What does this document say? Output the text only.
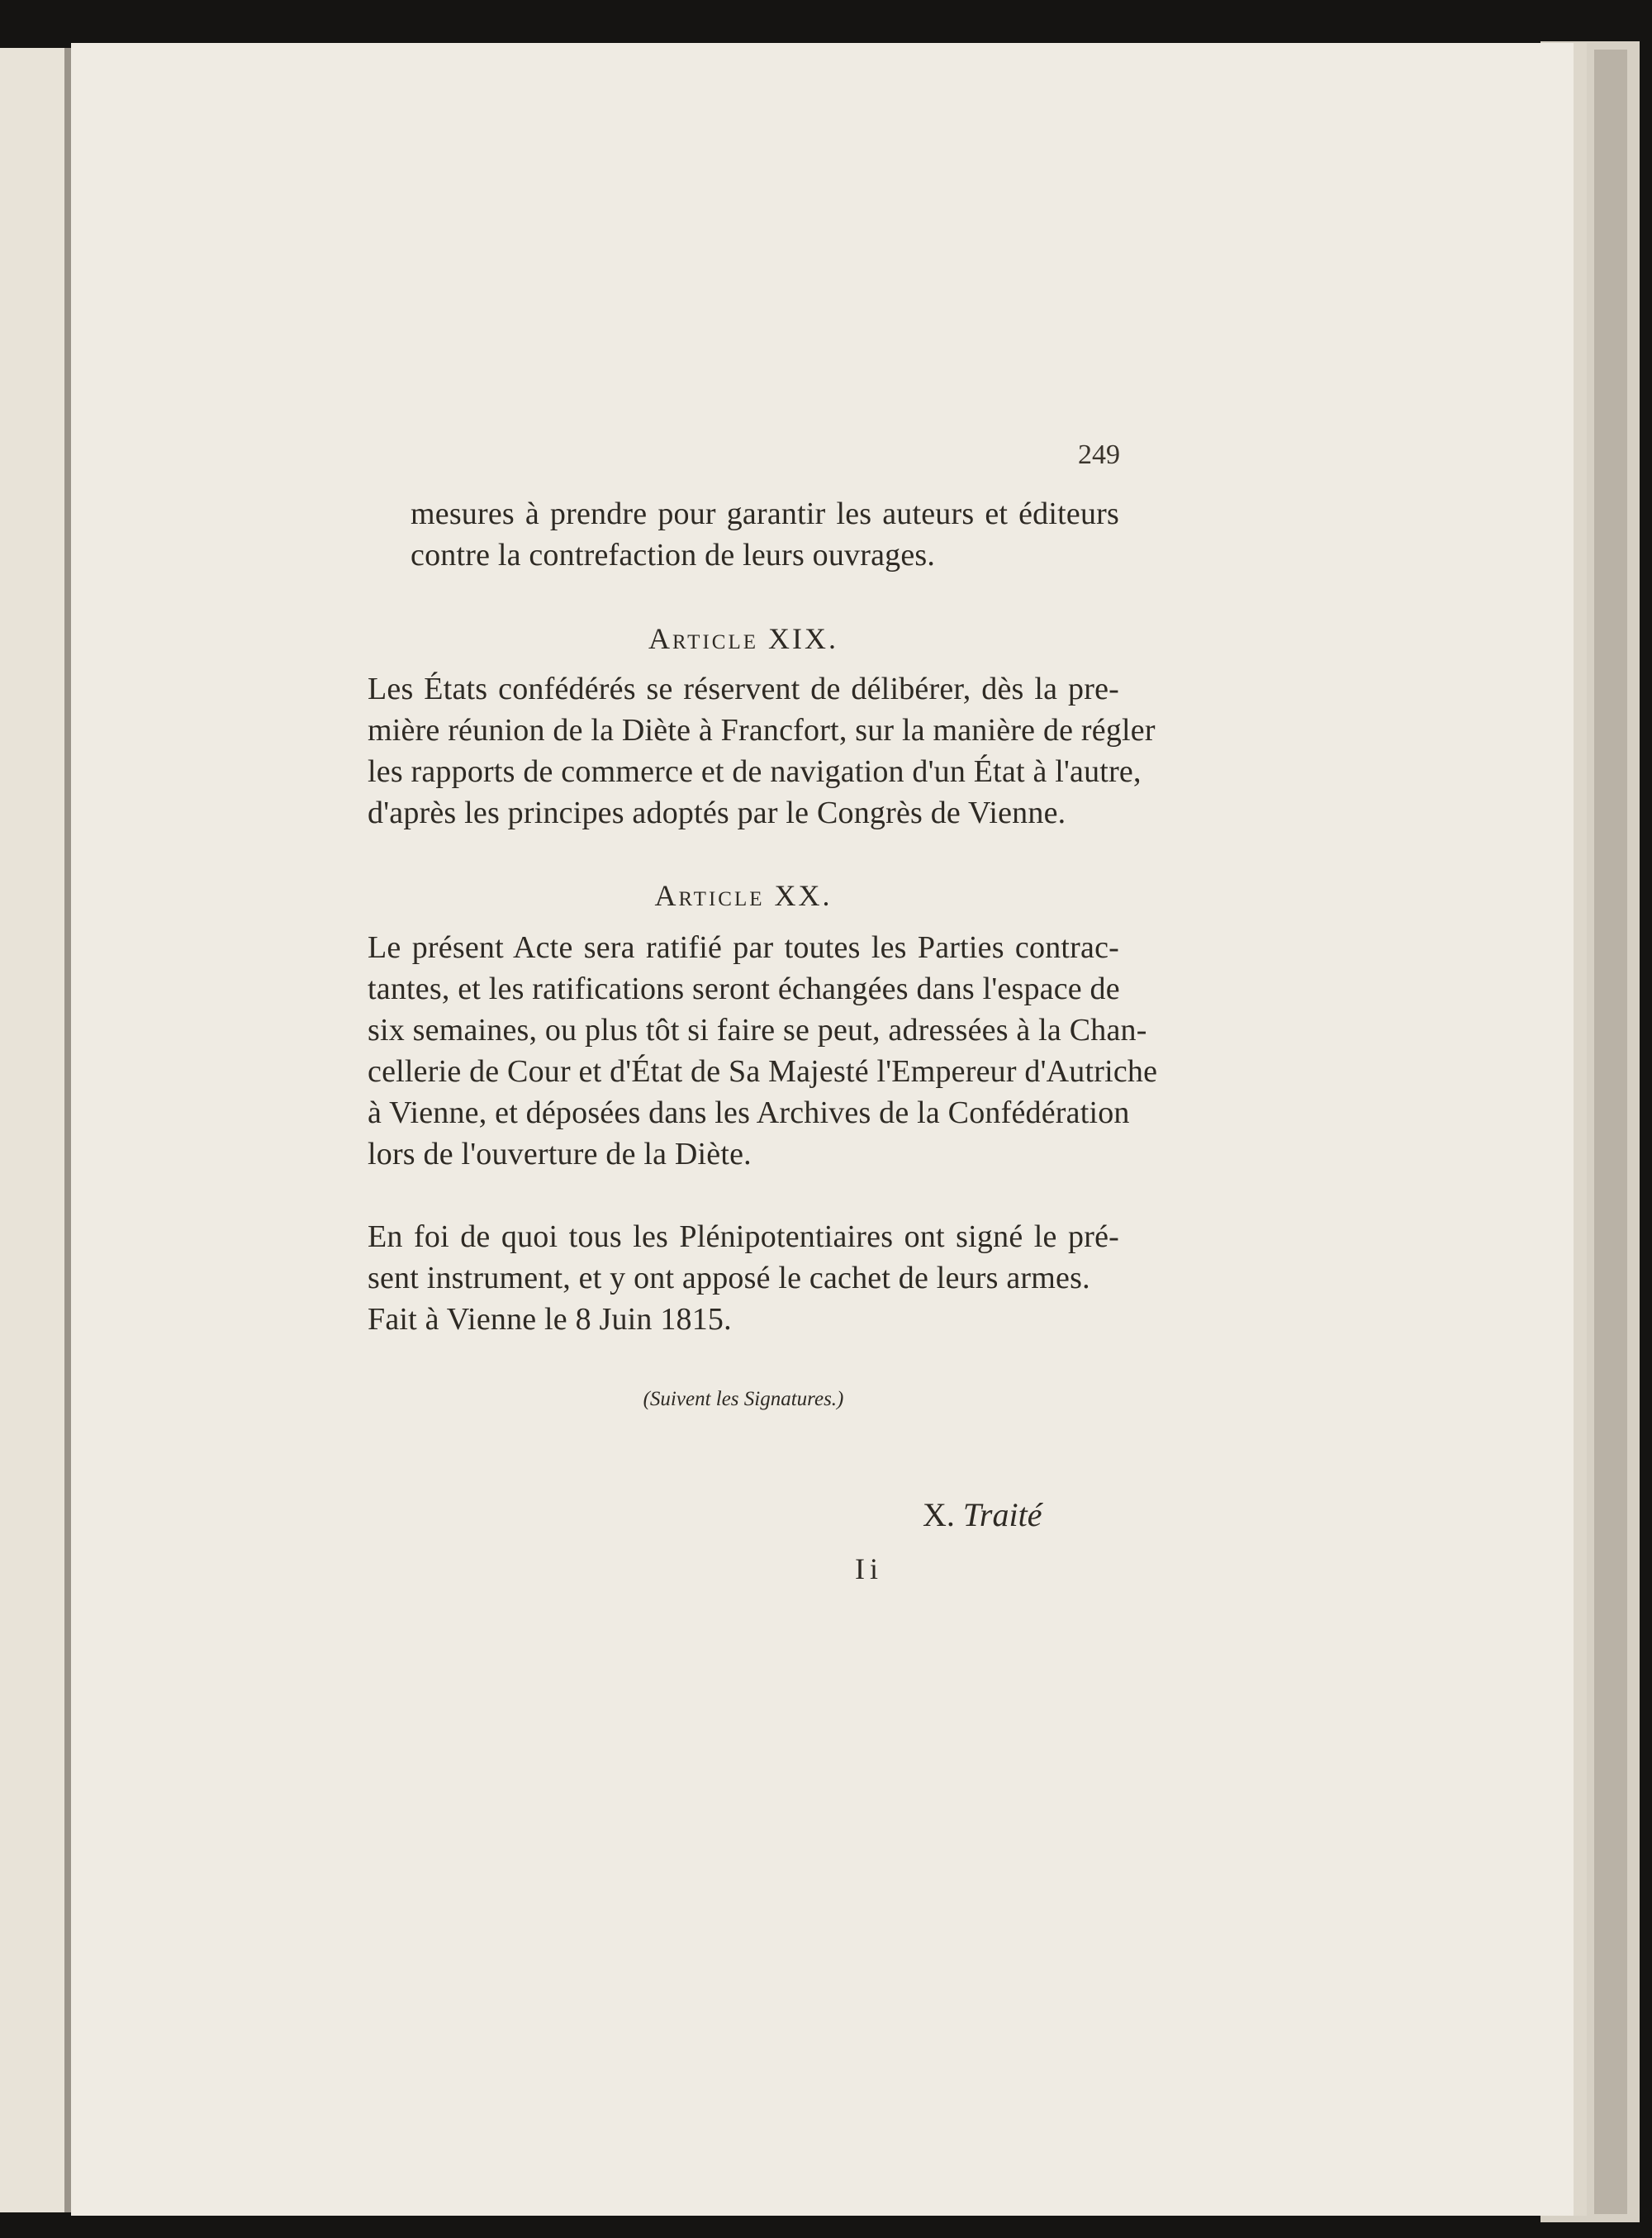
249
mesures à prendre pour garantir les auteurs et éditeurs
contre la contrefaction de leurs ouvrages.
Article XIX.
Les États confédérés se réservent de délibérer, dès la pre-
mière réunion de la Diète à Francfort, sur la manière de régler
les rapports de commerce et de navigation d'un État à l'autre,
d'après les principes adoptés par le Congrès de Vienne.
Article XX.
Le présent Acte sera ratifié par toutes les Parties contrac-
tantes, et les ratifications seront échangées dans l'espace de
six semaines, ou plus tôt si faire se peut, adressées à la Chan-
cellerie de Cour et d'État de Sa Majesté l'Empereur d'Autriche
à Vienne, et déposées dans les Archives de la Confédération
lors de l'ouverture de la Diète.
En foi de quoi tous les Plénipotentiaires ont signé le pré-
sent instrument, et y ont apposé le cachet de leurs armes.
Fait à Vienne le 8 Juin 1815.
(Suivent les Signatures.)
X. Traité
Ii
